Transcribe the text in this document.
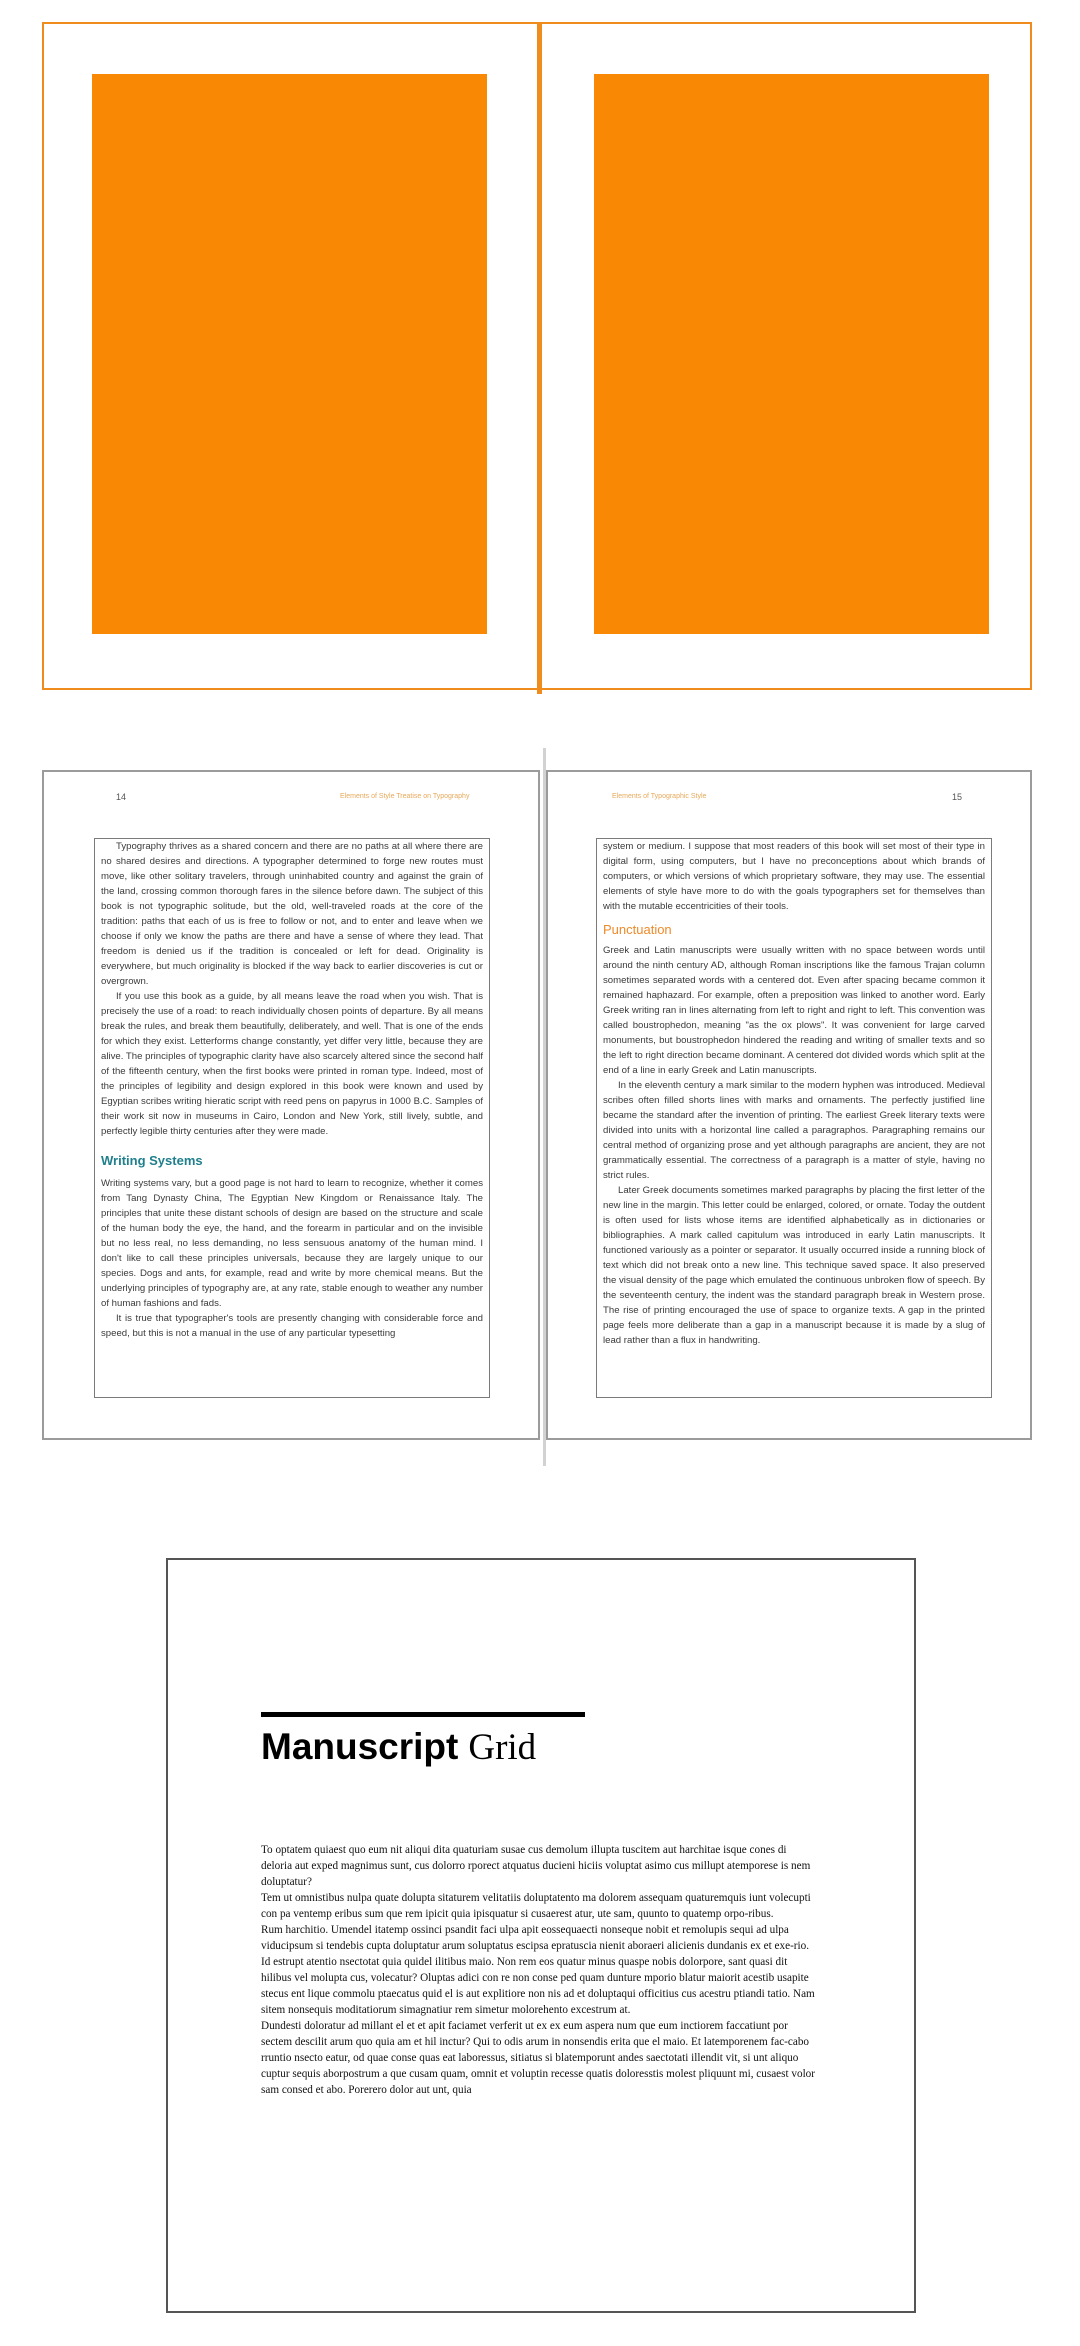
14	Elements of Style Treatise on Typography

Typography thrives as a shared concern and there are no paths at all where there are no shared desires and directions. A typographer determined to forge new routes must move, like other solitary travelers, through uninhabited country and against the grain of the land, crossing common thorough fares in the silence before dawn. The subject of this book is not typographic solitude, but the old, well-traveled roads at the core of the tradition: paths that each of us is free to follow or not, and to enter and leave when we choose if only we know the paths are there and have a sense of where they lead. That freedom is denied us if the tradition is concealed or left for dead. Originality is everywhere, but much originality is blocked if the way back to earlier discoveries is cut or overgrown.

If you use this book as a guide, by all means leave the road when you wish. That is precisely the use of a road: to reach individually chosen points of departure. By all means break the rules, and break them beautifully, deliberately, and well. That is one of the ends for which they exist. Letterforms change constantly, yet differ very little, because they are alive. The principles of typographic clarity have also scarcely altered since the second half of the fifteenth century, when the first books were printed in roman type. Indeed, most of the principles of legibility and design explored in this book were known and used by Egyptian scribes writing hieratic script with reed pens on papyrus in 1000 B.C. Samples of their work sit now in museums in Cairo, London and New York, still lively, subtle, and perfectly legible thirty centuries after they were made.

Writing Systems

Writing systems vary, but a good page is not hard to learn to recognize, whether it comes from Tang Dynasty China, The Egyptian New Kingdom or Renaissance Italy. The principles that unite these distant schools of design are based on the structure and scale of the human body the eye, the hand, and the forearm in particular and on the invisible but no less real, no less demanding, no less sensuous anatomy of the human mind. I don't like to call these principles universals, because they are largely unique to our species. Dogs and ants, for example, read and write by more chemical means. But the underlying principles of typography are, at any rate, stable enough to weather any number of human fashions and fads.

It is true that typographer's tools are presently changing with considerable force and speed, but this is not a manual in the use of any particular typesetting

Elements of Typographic Style	15

system or medium. I suppose that most readers of this book will set most of their type in digital form, using computers, but I have no preconceptions about which brands of computers, or which versions of which proprietary software, they may use. The essential elements of style have more to do with the goals typographers set for themselves than with the mutable eccentricities of their tools.

Punctuation

Greek and Latin manuscripts were usually written with no space between words until around the ninth century AD, although Roman inscriptions like the famous Trajan column sometimes separated words with a centered dot. Even after spacing became common it remained haphazard. For example, often a preposition was linked to another word. Early Greek writing ran in lines alternating from left to right and right to left. This convention was called boustrophedon, meaning "as the ox plows". It was convenient for large carved monuments, but boustrophedon hindered the reading and writing of smaller texts and so the left to right direction became dominant. A centered dot divided words which split at the end of a line in early Greek and Latin manuscripts.

In the eleventh century a mark similar to the modern hyphen was introduced. Medieval scribes often filled shorts lines with marks and ornaments. The perfectly justified line became the standard after the invention of printing. The earliest Greek literary texts were divided into units with a horizontal line called a paragraphos. Paragraphing remains our central method of organizing prose and yet although paragraphs are ancient, they are not grammatically essential. The correctness of a paragraph is a matter of style, having no strict rules.

Later Greek documents sometimes marked paragraphs by placing the first letter of the new line in the margin. This letter could be enlarged, colored, or ornate. Today the outdent is often used for lists whose items are identified alphabetically as in dictionaries or bibliographies. A mark called capitulum was introduced in early Latin manuscripts. It functioned variously as a pointer or separator. It usually occurred inside a running block of text which did not break onto a new line. This technique saved space. It also preserved the visual density of the page which emulated the continuous unbroken flow of speech. By the seventeenth century, the indent was the standard paragraph break in Western prose. The rise of printing encouraged the use of space to organize texts. A gap in the printed page feels more deliberate than a gap in a manuscript because it is made by a slug of lead rather than a flux in handwriting.

Manuscript Grid

To optatem quiaest quo eum nit aliqui dita quaturiam susae cus demolum illupta tuscitem aut harchitae isque cones di deloria aut exped magnimus sunt, cus dolorro rporect atquatus ducieni hiciis voluptat asimo cus millupt atemporese is nem doluptatur?

Tem ut omnistibus nulpa quate dolupta sitaturem velitatiis doluptatento ma dolorem assequam quaturemquis iunt volecupti con pa ventemp eribus sum que rem ipicit quia ipisquatur si cusaerest atur, ute sam, quunto to quatemp orpo-ribus.

Rum harchitio. Umendel itatemp ossinci psandit faci ulpa apit eossequaecti nonseque nobit et remolupis sequi ad ulpa viducipsum si tendebis cupta doluptatur arum soluptatus escipsa epratuscia nienit aboraeri alicienis dundanis ex et exe-rio. Id estrupt atentio nsectotat quia quidel ilitibus maio. Non rem eos quatur minus quaspe nobis dolorpore, sant quasi dit hilibus vel molupta cus, volecatur? Oluptas adici con re non conse ped quam dunture mporio blatur maiorit acestib usapite stecus ent lique commolu ptaecatus quid el is aut explitiore non nis ad et doluptaqui officitius cus acestru ptiandi tatio. Nam sitem nonsequis moditatiorum simagnatiur rem simetur molorehento excestrum at.

Dundesti doloratur ad millant el et et apit faciamet verferit ut ex ex eum aspera num que eum inctiorem faccatiunt por sectem descilit arum quo quia am et hil inctur? Qui to odis arum in nonsendis erita que el maio. Et latemporenem fac-cabo rruntio nsecto eatur, od quae conse quas eat laboressus, sitiatus si blatemporunt andes saectotati illendit vit, si unt aliquo cuptur sequis aborpostrum a que cusam quam, omnit et voluptin recesse quatis doloresstis molest pliquunt mi, cusaest volor sam consed et abo. Porerero dolor aut unt, quia
